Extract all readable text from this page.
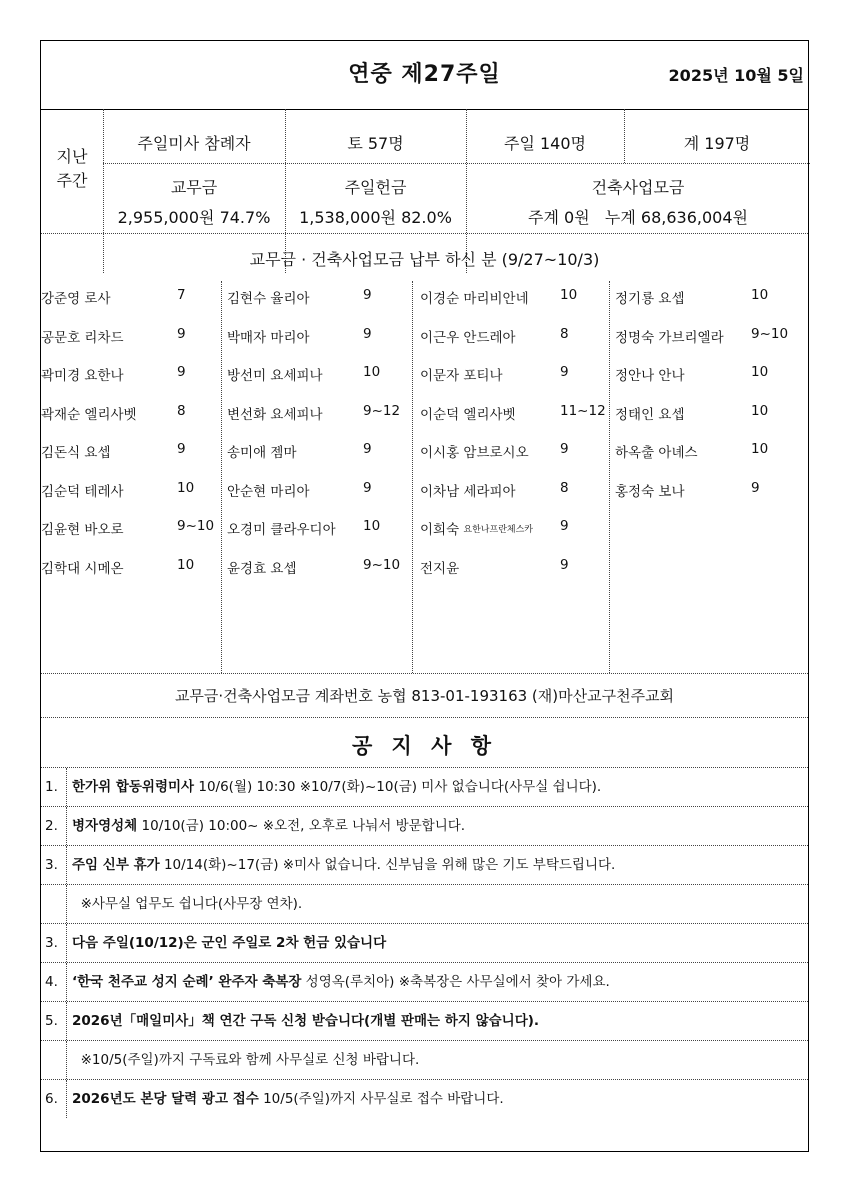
연중 제27주일	2025년 10월 5일
지난
주간
주일미사 참례자	토 57명	주일 140명	계 197명
교무금
2,955,000원 74.7%
주일헌금
1,538,000원 82.0%
건축사업모금
주계 0원   누계 68,636,004원
교무금 · 건축사업모금 납부 하신 분 (9/27~10/3)
강준영 로사	7
공문호 리차드	9
곽미경 요한나	9
곽재순 엘리사벳	8
김돈식 요셉	9
김순덕 테레사	10
김윤현 바오로	9~10
김학대 시메온	10
김현수 율리아	9
박매자 마리아	9
방선미 요세피나	10
변선화 요세피나	9~12
송미애 젬마	9
안순현 마리아	9
오경미 클라우디아 10
윤경효 요셉	9~10
이경순 마리비안네 10
이근우 안드레아	8
이문자 포티나	9
이순덕 엘리사벳	11~12
이시홍 암브로시오 9
이차남 세라피아	8
이희숙 요한나프란체스카 9
전지윤	9
정기룡 요셉	10
정명숙 가브리엘라 9~10
정안나 안나	10
정태인 요셉	10
하옥출 아녜스	10
홍정숙 보나	9
교무금·건축사업모금 계좌번호 농협 813-01-193163 (재)마산교구천주교회
공 지 사 항
1.	한가위 합동위령미사 10/6(월) 10:30 ※10/7(화)~10(금) 미사 없습니다(사무실 쉽니다).
2.	병자영성체 10/10(금) 10:00~ ※오전, 오후로 나눠서 방문합니다.
3.	주임 신부 휴가 10/14(화)~17(금) ※미사 없습니다. 신부님을 위해 많은 기도 부탁드립니다.
※사무실 업무도 쉽니다(사무장 연차).
3.	다음 주일(10/12)은 군인 주일로 2차 헌금 있습니다
4.	‘한국 천주교 성지 순례’ 완주자 축복장 성영옥(루치아) ※축복장은 사무실에서 찾아 가세요.
5.	2026년「매일미사」책 연간 구독 신청 받습니다(개별 판매는 하지 않습니다).
※10/5(주일)까지 구독료와 함께 사무실로 신청 바랍니다.
6.	2026년도 본당 달력 광고 접수 10/5(주일)까지 사무실로 접수 바랍니다.
